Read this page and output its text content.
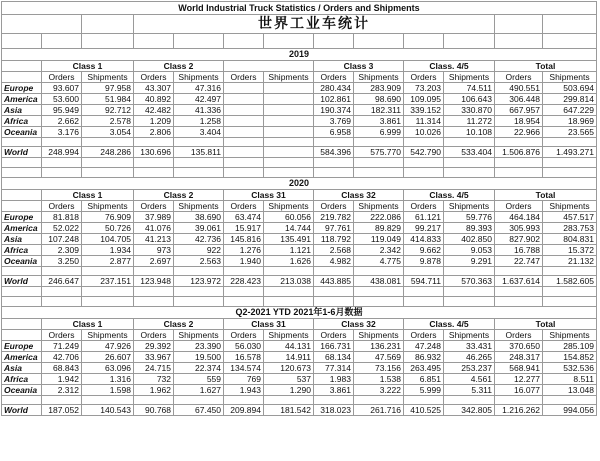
World Industrial Truck Statistics / Orders and Shipments												
			世界工业车统计									

2019												
	Class 1		Class 2				Class 3		Class. 4/5		Total	
	Orders	Shipments	Orders	Shipments	Orders	Shipments	Orders	Shipments	Orders	Shipments	Orders	Shipments
Europe	93.607	97.958	43.307	47.316			280.434	283.909	73.203	74.511	490.551	503.694
America	53.600	51.984	40.892	42.497			102.861	98.690	109.095	106.643	306.448	299.814
Asia	95.949	92.712	42.482	41.336			190.374	182.311	339.152	330.870	667.957	647.229
Africa	2.662	2.578	1.209	1.258			3.769	3.861	11.314	11.272	18.954	18.969
Oceania	3.176	3.054	2.806	3.404			6.958	6.999	10.026	10.108	22.966	23.565

World	248.994	248.286	130.696	135.811			584.396	575.770	542.790	533.404	1.506.876	1.493.271

2020												
	Class 1		Class 2		Class 31		Class 32		Class. 4/5		Total	
	Orders	Shipments	Orders	Shipments	Orders	Shipments	Orders	Shipments	Orders	Shipments	Orders	Shipments
Europe	81.818	76.909	37.989	38.690	63.474	60.056	219.782	222.086	61.121	59.776	464.184	457.517
America	52.022	50.726	41.076	39.061	15.917	14.744	97.761	89.829	99.217	89.393	305.993	283.753
Asia	107.248	104.705	41.213	42.736	145.816	135.491	118.792	119.049	414.833	402.850	827.902	804.831
Africa	2.309	1.934	973	922	1.276	1.121	2.568	2.342	9.662	9.053	16.788	15.372
Oceania	3.250	2.877	2.697	2.563	1.940	1.626	4.982	4.775	9.878	9.291	22.747	21.132

World	246.647	237.151	123.948	123.972	228.423	213.038	443.885	438.081	594.711	570.363	1.637.614	1.582.605

Q2-2021 YTD 2021年1-6月数据												
	Class 1		Class 2		Class 31		Class 32		Class. 4/5		Total	
	Orders	Shipments	Orders	Shipments	Orders	Shipments	Orders	Shipments	Orders	Shipments	Orders	Shipments
Europe	71.249	47.926	29.392	23.390	56.030	44.131	166.731	136.231	47.248	33.431	370.650	285.109
America	42.706	26.607	33.967	19.500	16.578	14.911	68.134	47.569	86.932	46.265	248.317	154.852
Asia	68.843	63.096	24.715	22.374	134.574	120.673	77.314	73.156	263.495	253.237	568.941	532.536
Africa	1.942	1.316	732	559	769	537	1.983	1.538	6.851	4.561	12.277	8.511
Oceania	2.312	1.598	1.962	1.627	1.943	1.290	3.861	3.222	5.999	5.311	16.077	13.048

World	187.052	140.543	90.768	67.450	209.894	181.542	318.023	261.716	410.525	342.805	1.216.262	994.056
